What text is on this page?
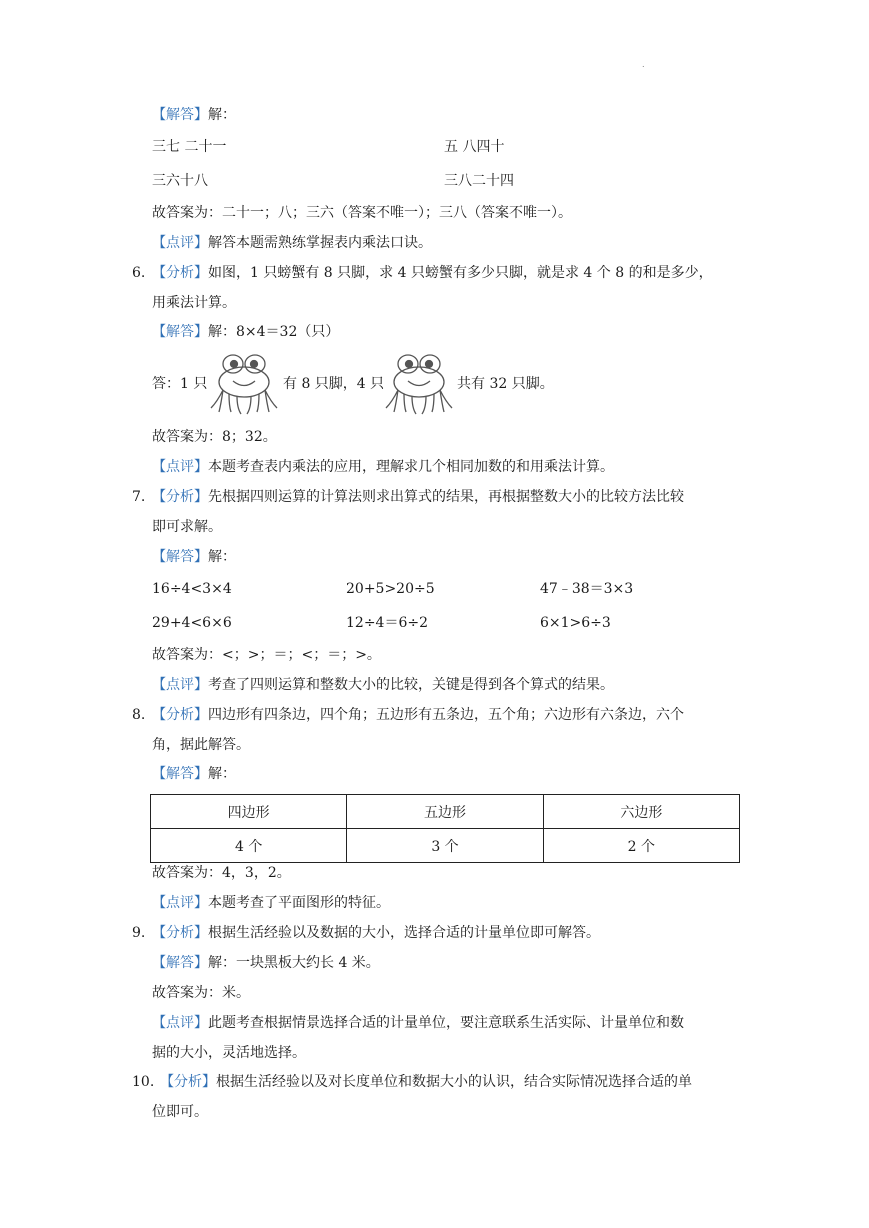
.
【解答】解：
三七 二十一	五 八四十
三六十八	三八二十四
故答案为：二十一；八；三六（答案不唯一）；三八（答案不唯一）。
【点评】解答本题需熟练掌握表内乘法口诀。
6. 【分析】如图，1 只螃蟹有 8 只脚，求 4 只螃蟹有多少只脚，就是求 4 个 8 的和是多少，
用乘法计算。
【解答】解：8×4＝32（只）
答：1 只	有 8 只脚，4 只	共有 32 只脚。
故答案为：8；32。
【点评】本题考查表内乘法的应用，理解求几个相同加数的和用乘法计算。
7. 【分析】先根据四则运算的计算法则求出算式的结果，再根据整数大小的比较方法比较
即可求解。
【解答】解：
16÷4<3×4	20+5>20÷5	47﹣38＝3×3
29+4<6×6	12÷4＝6÷2	6×1>6÷3
故答案为：<；>；＝；<；＝；>。
【点评】考查了四则运算和整数大小的比较，关键是得到各个算式的结果。
8. 【分析】四边形有四条边，四个角；五边形有五条边，五个角；六边形有六条边，六个
角，据此解答。
【解答】解：
四边形	五边形	六边形
4 个	3 个	2 个
故答案为：4，3，2。
【点评】本题考查了平面图形的特征。
9. 【分析】根据生活经验以及数据的大小，选择合适的计量单位即可解答。
【解答】解：一块黑板大约长 4 米。
故答案为：米。
【点评】此题考查根据情景选择合适的计量单位，要注意联系生活实际、计量单位和数
据的大小，灵活地选择。
10. 【分析】根据生活经验以及对长度单位和数据大小的认识，结合实际情况选择合适的单
位即可。
